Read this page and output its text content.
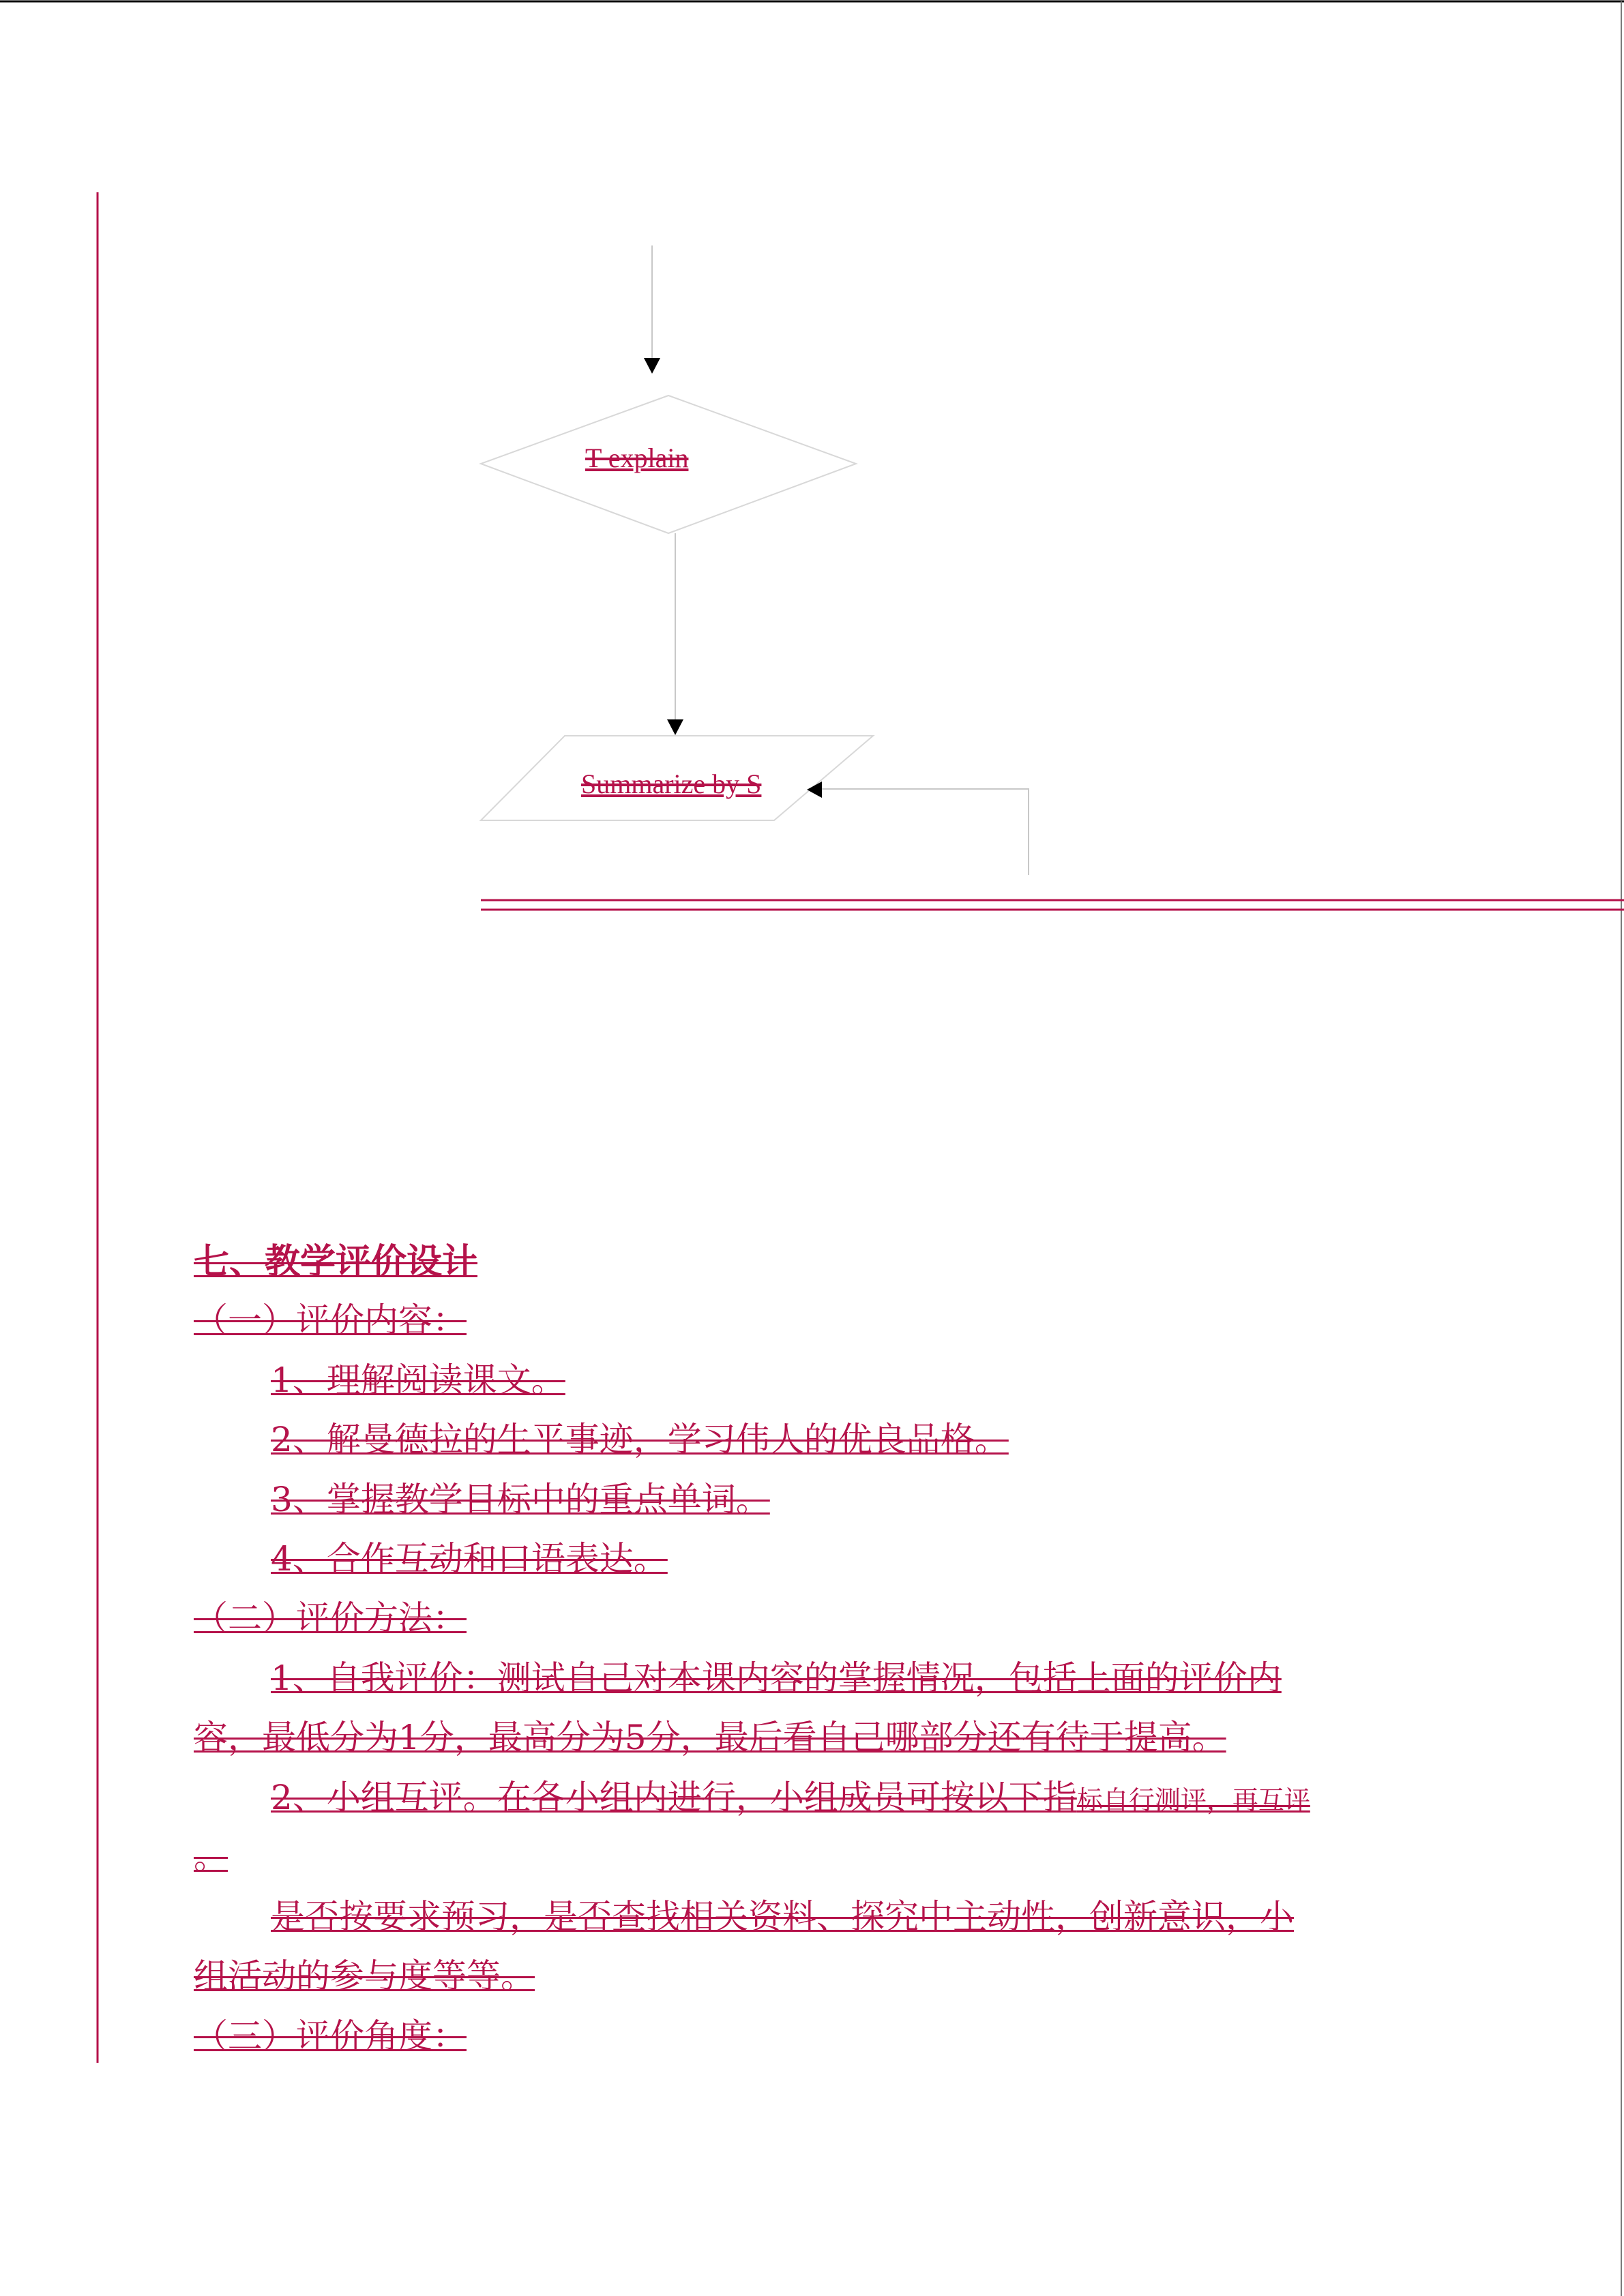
T explain
Summarize by S

七、教学评价设计

（一）评价内容：

1、理解阅读课文。

2、解曼德拉的生平事迹，学习伟人的优良品格。

3、掌握教学目标中的重点单词。

4、合作互动和口语表达。

（二）评价方法：

1、自我评价：测试自己对本课内容的掌握情况，包括上面的评价内

容，最低分为1分，最高分为5分，最后看自己哪部分还有待于提高。

2、小组互评。在各小组内进行，小组成员可按以下指标自行测评，再互评

。

是否按要求预习，是否查找相关资料、探究中主动性，创新意识，小

组活动的参与度等等。

（三）评价角度：
